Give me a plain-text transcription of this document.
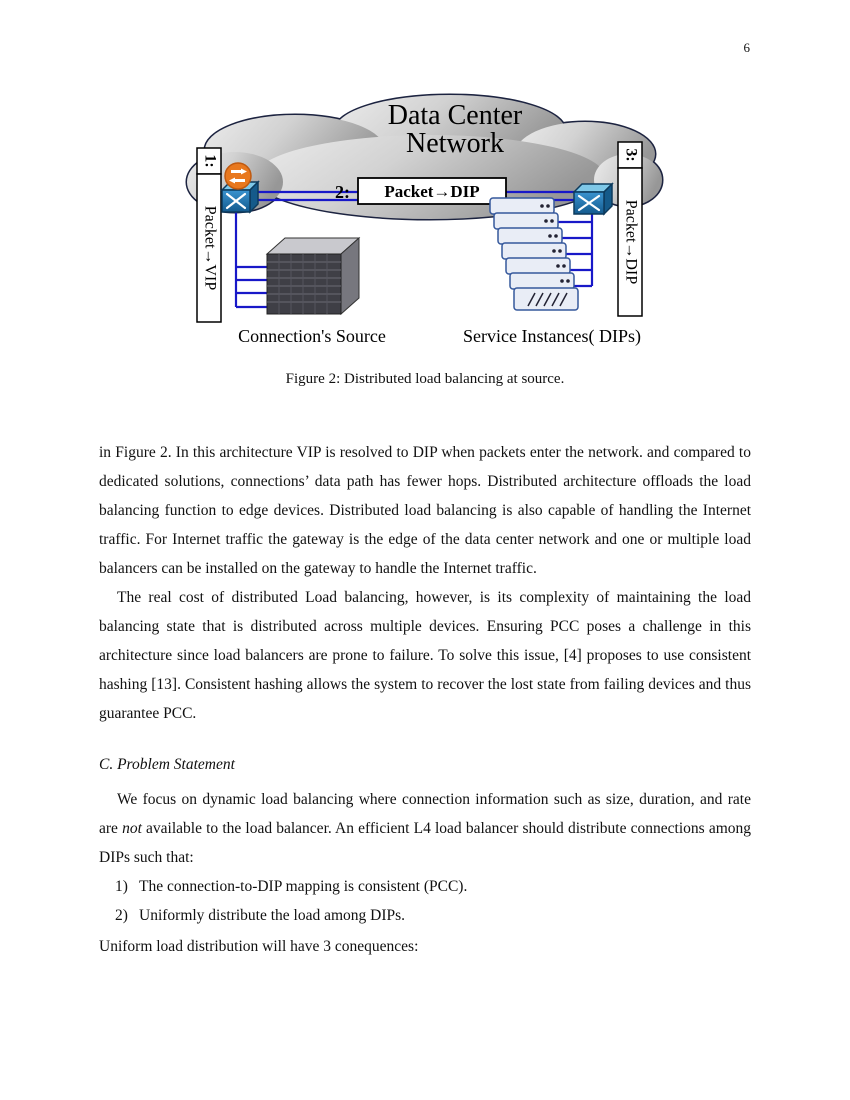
6
Data Center
Network
2: Packet→DIP
1:
Packet→VIP
3:
Packet→DIP
Connection's Source	Service Instances( DIPs)
Figure 2: Distributed load balancing at source.

in Figure 2. In this architecture VIP is resolved to DIP when packets enter the network. and compared to dedicated solutions, connections’ data path has fewer hops. Distributed architecture offloads the load balancing function to edge devices. Distributed load balancing is also capable of handling the Internet traffic. For Internet traffic the gateway is the edge of the data center network and one or multiple load balancers can be installed on the gateway to handle the Internet traffic.

The real cost of distributed Load balancing, however, is its complexity of maintaining the load balancing state that is distributed across multiple devices. Ensuring PCC poses a challenge in this architecture since load balancers are prone to failure. To solve this issue, [4] proposes to use consistent hashing [13]. Consistent hashing allows the system to recover the lost state from failing devices and thus guarantee PCC.

C. Problem Statement

We focus on dynamic load balancing where connection information such as size, duration, and rate are not available to the load balancer. An efficient L4 load balancer should distribute connections among DIPs such that:

1) The connection-to-DIP mapping is consistent (PCC).
2) Uniformly distribute the load among DIPs.

Uniform load distribution will have 3 conequences:
